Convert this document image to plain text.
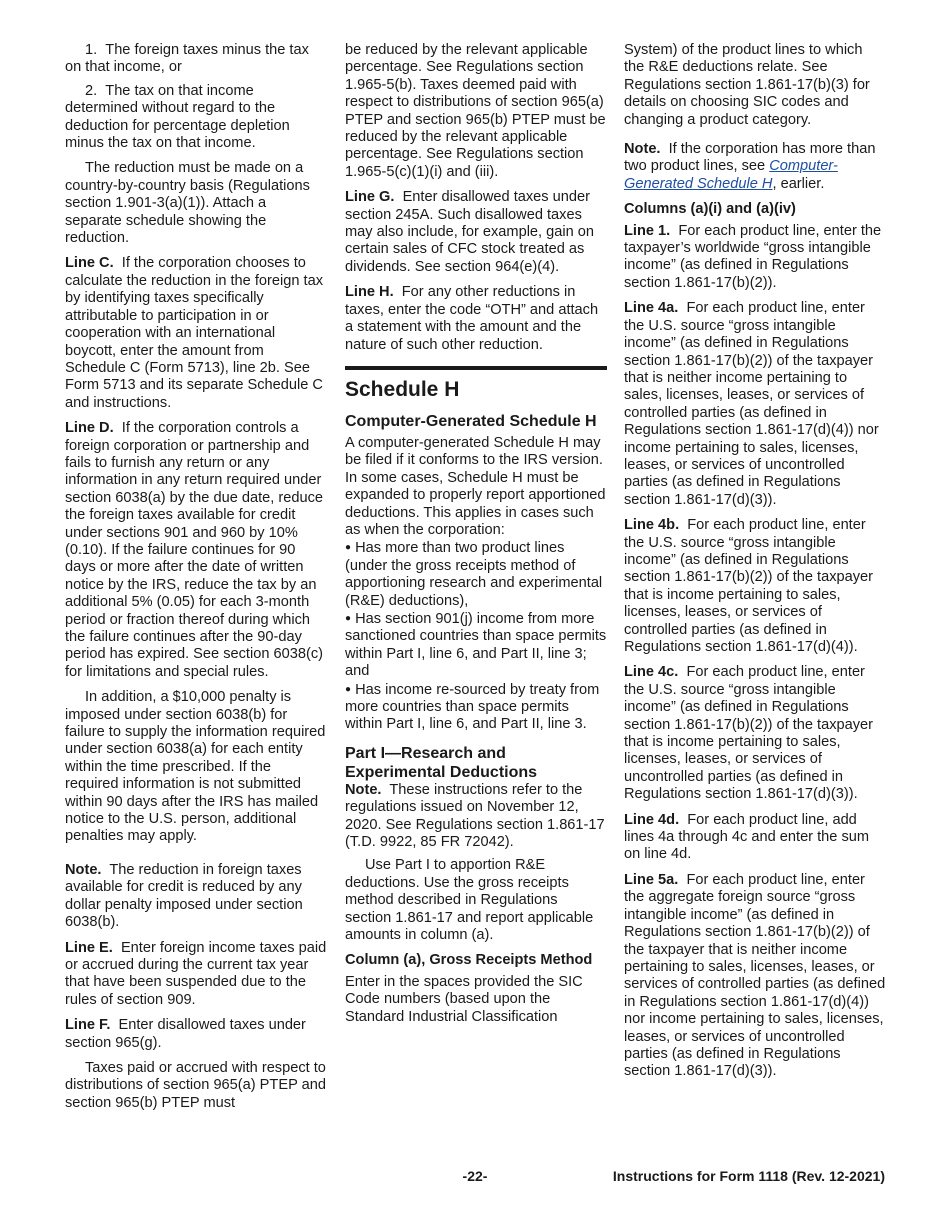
1.  The foreign taxes minus the tax on that income, or

2.  The tax on that income determined without regard to the deduction for percentage depletion minus the tax on that income.

The reduction must be made on a country-by-country basis (Regulations section 1.901-3(a)(1)). Attach a separate schedule showing the reduction.

Line C. If the corporation chooses to calculate the reduction in the foreign tax by identifying taxes specifically attributable to participation in or cooperation with an international boycott, enter the amount from Schedule C (Form 5713), line 2b. See Form 5713 and its separate Schedule C and instructions.

Line D. If the corporation controls a foreign corporation or partnership and fails to furnish any return or any information in any return required under section 6038(a) by the due date, reduce the foreign taxes available for credit under sections 901 and 960 by 10% (0.10). If the failure continues for 90 days or more after the date of written notice by the IRS, reduce the tax by an additional 5% (0.05) for each 3-month period or fraction thereof during which the failure continues after the 90-day period has expired. See section 6038(c) for limitations and special rules.

In addition, a $10,000 penalty is imposed under section 6038(b) for failure to supply the information required under section 6038(a) for each entity within the time prescribed. If the required information is not submitted within 90 days after the IRS has mailed notice to the U.S. person, additional penalties may apply.

Note. The reduction in foreign taxes available for credit is reduced by any dollar penalty imposed under section 6038(b).

Line E. Enter foreign income taxes paid or accrued during the current tax year that have been suspended due to the rules of section 909.

Line F. Enter disallowed taxes under section 965(g).

Taxes paid or accrued with respect to distributions of section 965(a) PTEP and section 965(b) PTEP must

be reduced by the relevant applicable percentage. See Regulations section 1.965-5(b). Taxes deemed paid with respect to distributions of section 965(a) PTEP and section 965(b) PTEP must be reduced by the relevant applicable percentage. See Regulations section 1.965-5(c)(1)(i) and (iii).

Line G. Enter disallowed taxes under section 245A. Such disallowed taxes may also include, for example, gain on certain sales of CFC stock treated as dividends. See section 964(e)(4).

Line H. For any other reductions in taxes, enter the code “OTH” and attach a statement with the amount and the nature of such other reduction.

Schedule H
Computer-Generated Schedule H

A computer-generated Schedule H may be filed if it conforms to the IRS version. In some cases, Schedule H must be expanded to properly report apportioned deductions. This applies in cases such as when the corporation:

● Has more than two product lines (under the gross receipts method of apportioning research and experimental (R&E) deductions),

● Has section 901(j) income from more sanctioned countries than space permits within Part I, line 6, and Part II, line 3; and

● Has income re-sourced by treaty from more countries than space permits within Part I, line 6, and Part II, line 3.

Part I—Research and Experimental Deductions

Note. These instructions refer to the regulations issued on November 12, 2020. See Regulations section 1.861-17 (T.D. 9922, 85 FR 72042).

Use Part I to apportion R&E deductions. Use the gross receipts method described in Regulations section 1.861-17 and report applicable amounts in column (a).

Column (a), Gross Receipts Method

Enter in the spaces provided the SIC Code numbers (based upon the Standard Industrial Classification

System) of the product lines to which the R&E deductions relate. See Regulations section 1.861-17(b)(3) for details on choosing SIC codes and changing a product category.

Note. If the corporation has more than two product lines, see Computer-Generated Schedule H, earlier.

Columns (a)(i) and (a)(iv)

Line 1. For each product line, enter the taxpayer’s worldwide “gross intangible income” (as defined in Regulations section 1.861-17(b)(2)).

Line 4a. For each product line, enter the U.S. source “gross intangible income” (as defined in Regulations section 1.861-17(b)(2)) of the taxpayer that is neither income pertaining to sales, licenses, leases, or services of controlled parties (as defined in Regulations section 1.861-17(d)(4)) nor income pertaining to sales, licenses, leases, or services of uncontrolled parties (as defined in Regulations section 1.861-17(d)(3)).

Line 4b. For each product line, enter the U.S. source “gross intangible income” (as defined in Regulations section 1.861-17(b)(2)) of the taxpayer that is income pertaining to sales, licenses, leases, or services of controlled parties (as defined in Regulations section 1.861-17(d)(4)).

Line 4c. For each product line, enter the U.S. source “gross intangible income” (as defined in Regulations section 1.861-17(b)(2)) of the taxpayer that is income pertaining to sales, licenses, leases, or services of uncontrolled parties (as defined in Regulations section 1.861-17(d)(3)).

Line 4d. For each product line, add lines 4a through 4c and enter the sum on line 4d.

Line 5a. For each product line, enter the aggregate foreign source “gross intangible income” (as defined in Regulations section 1.861-17(b)(2)) of the taxpayer that is neither income pertaining to sales, licenses, leases, or services of controlled parties (as defined in Regulations section 1.861-17(d)(4)) nor income pertaining to sales, licenses, leases, or services of uncontrolled parties (as defined in Regulations section 1.861-17(d)(3)).

-22-	Instructions for Form 1118 (Rev. 12-2021)
